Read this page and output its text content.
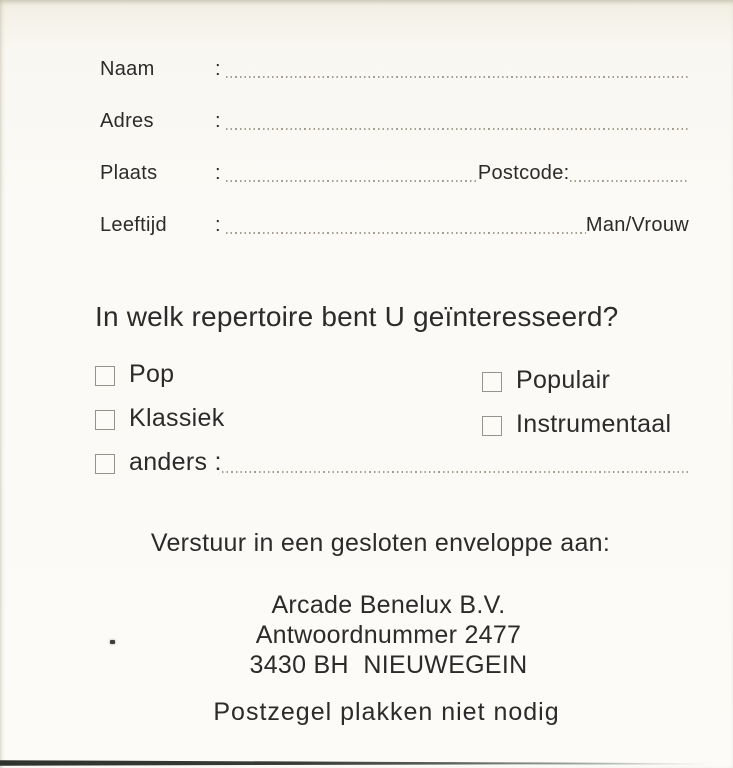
Naam	:
Adres	:
Plaats	:	Postcode:
Leeftijd	:	Man/Vrouw
In welk repertoire bent U geïnteresseerd?
Pop
Klassiek
anders :
Populair
Instrumentaal
Verstuur in een gesloten enveloppe aan:
Arcade Benelux B.V.
Antwoordnummer 2477
3430 BH  NIEUWEGEIN
Postzegel plakken niet nodig
